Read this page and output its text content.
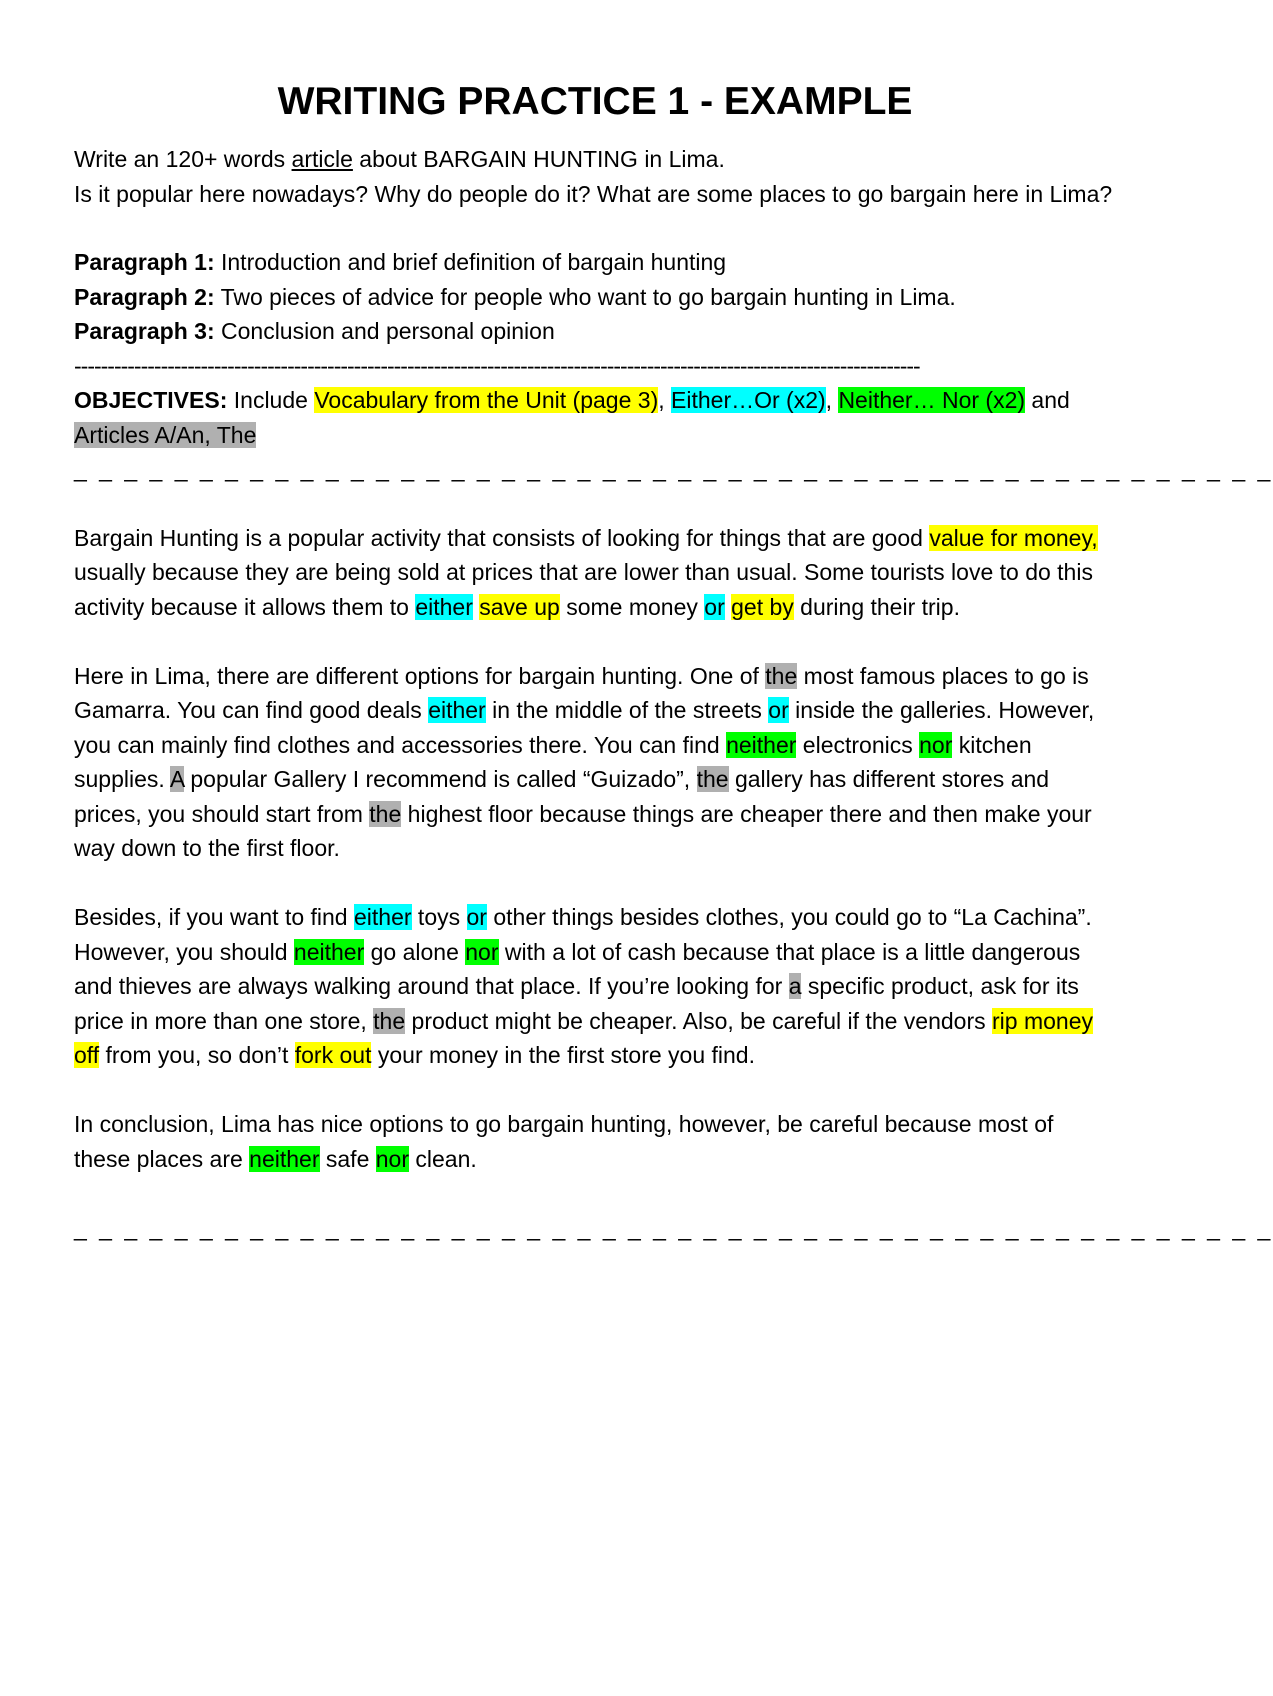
WRITING PRACTICE 1 - EXAMPLE
Write an 120+ words article about BARGAIN HUNTING in Lima.
Is it popular here nowadays? Why do people do it? What are some places to go bargain here in Lima?
Paragraph 1: Introduction and brief definition of bargain hunting
Paragraph 2: Two pieces of advice for people who want to go bargain hunting in Lima.
Paragraph 3: Conclusion and personal opinion
-------------------------------------------------------------------------------------------------------------------------------
OBJECTIVES: Include Vocabulary from the Unit (page 3), Either…Or (x2), Neither… Nor (x2) and Articles A/An, The
_ _ _ _ _ _ _ _ _ _ _ _ _ _ _ _ _ _ _ _ _ _ _ _ _ _ _ _ _ _ _ _ _ _ _ _ _ _ _ _ _ _ _ _ _ _ _ _

Bargain Hunting is a popular activity that consists of looking for things that are good value for money, usually because they are being sold at prices that are lower than usual. Some tourists love to do this activity because it allows them to either save up some money or get by during their trip.

Here in Lima, there are different options for bargain hunting. One of the most famous places to go is Gamarra. You can find good deals either in the middle of the streets or inside the galleries. However, you can mainly find clothes and accessories there. You can find neither electronics nor kitchen supplies. A popular Gallery I recommend is called “Guizado”, the gallery has different stores and prices, you should start from the highest floor because things are cheaper there and then make your way down to the first floor.

Besides, if you want to find either toys or other things besides clothes, you could go to “La Cachina”. However, you should neither go alone nor with a lot of cash because that place is a little dangerous and thieves are always walking around that place. If you’re looking for a specific product, ask for its price in more than one store, the product might be cheaper. Also, be careful if the vendors rip money off from you, so don’t fork out your money in the first store you find.

In conclusion, Lima has nice options to go bargain hunting, however, be careful because most of these places are neither safe nor clean.

_ _ _ _ _ _ _ _ _ _ _ _ _ _ _ _ _ _ _ _ _ _ _ _ _ _ _ _ _ _ _ _ _ _ _ _ _ _ _ _ _ _ _ _ _ _ _ _
